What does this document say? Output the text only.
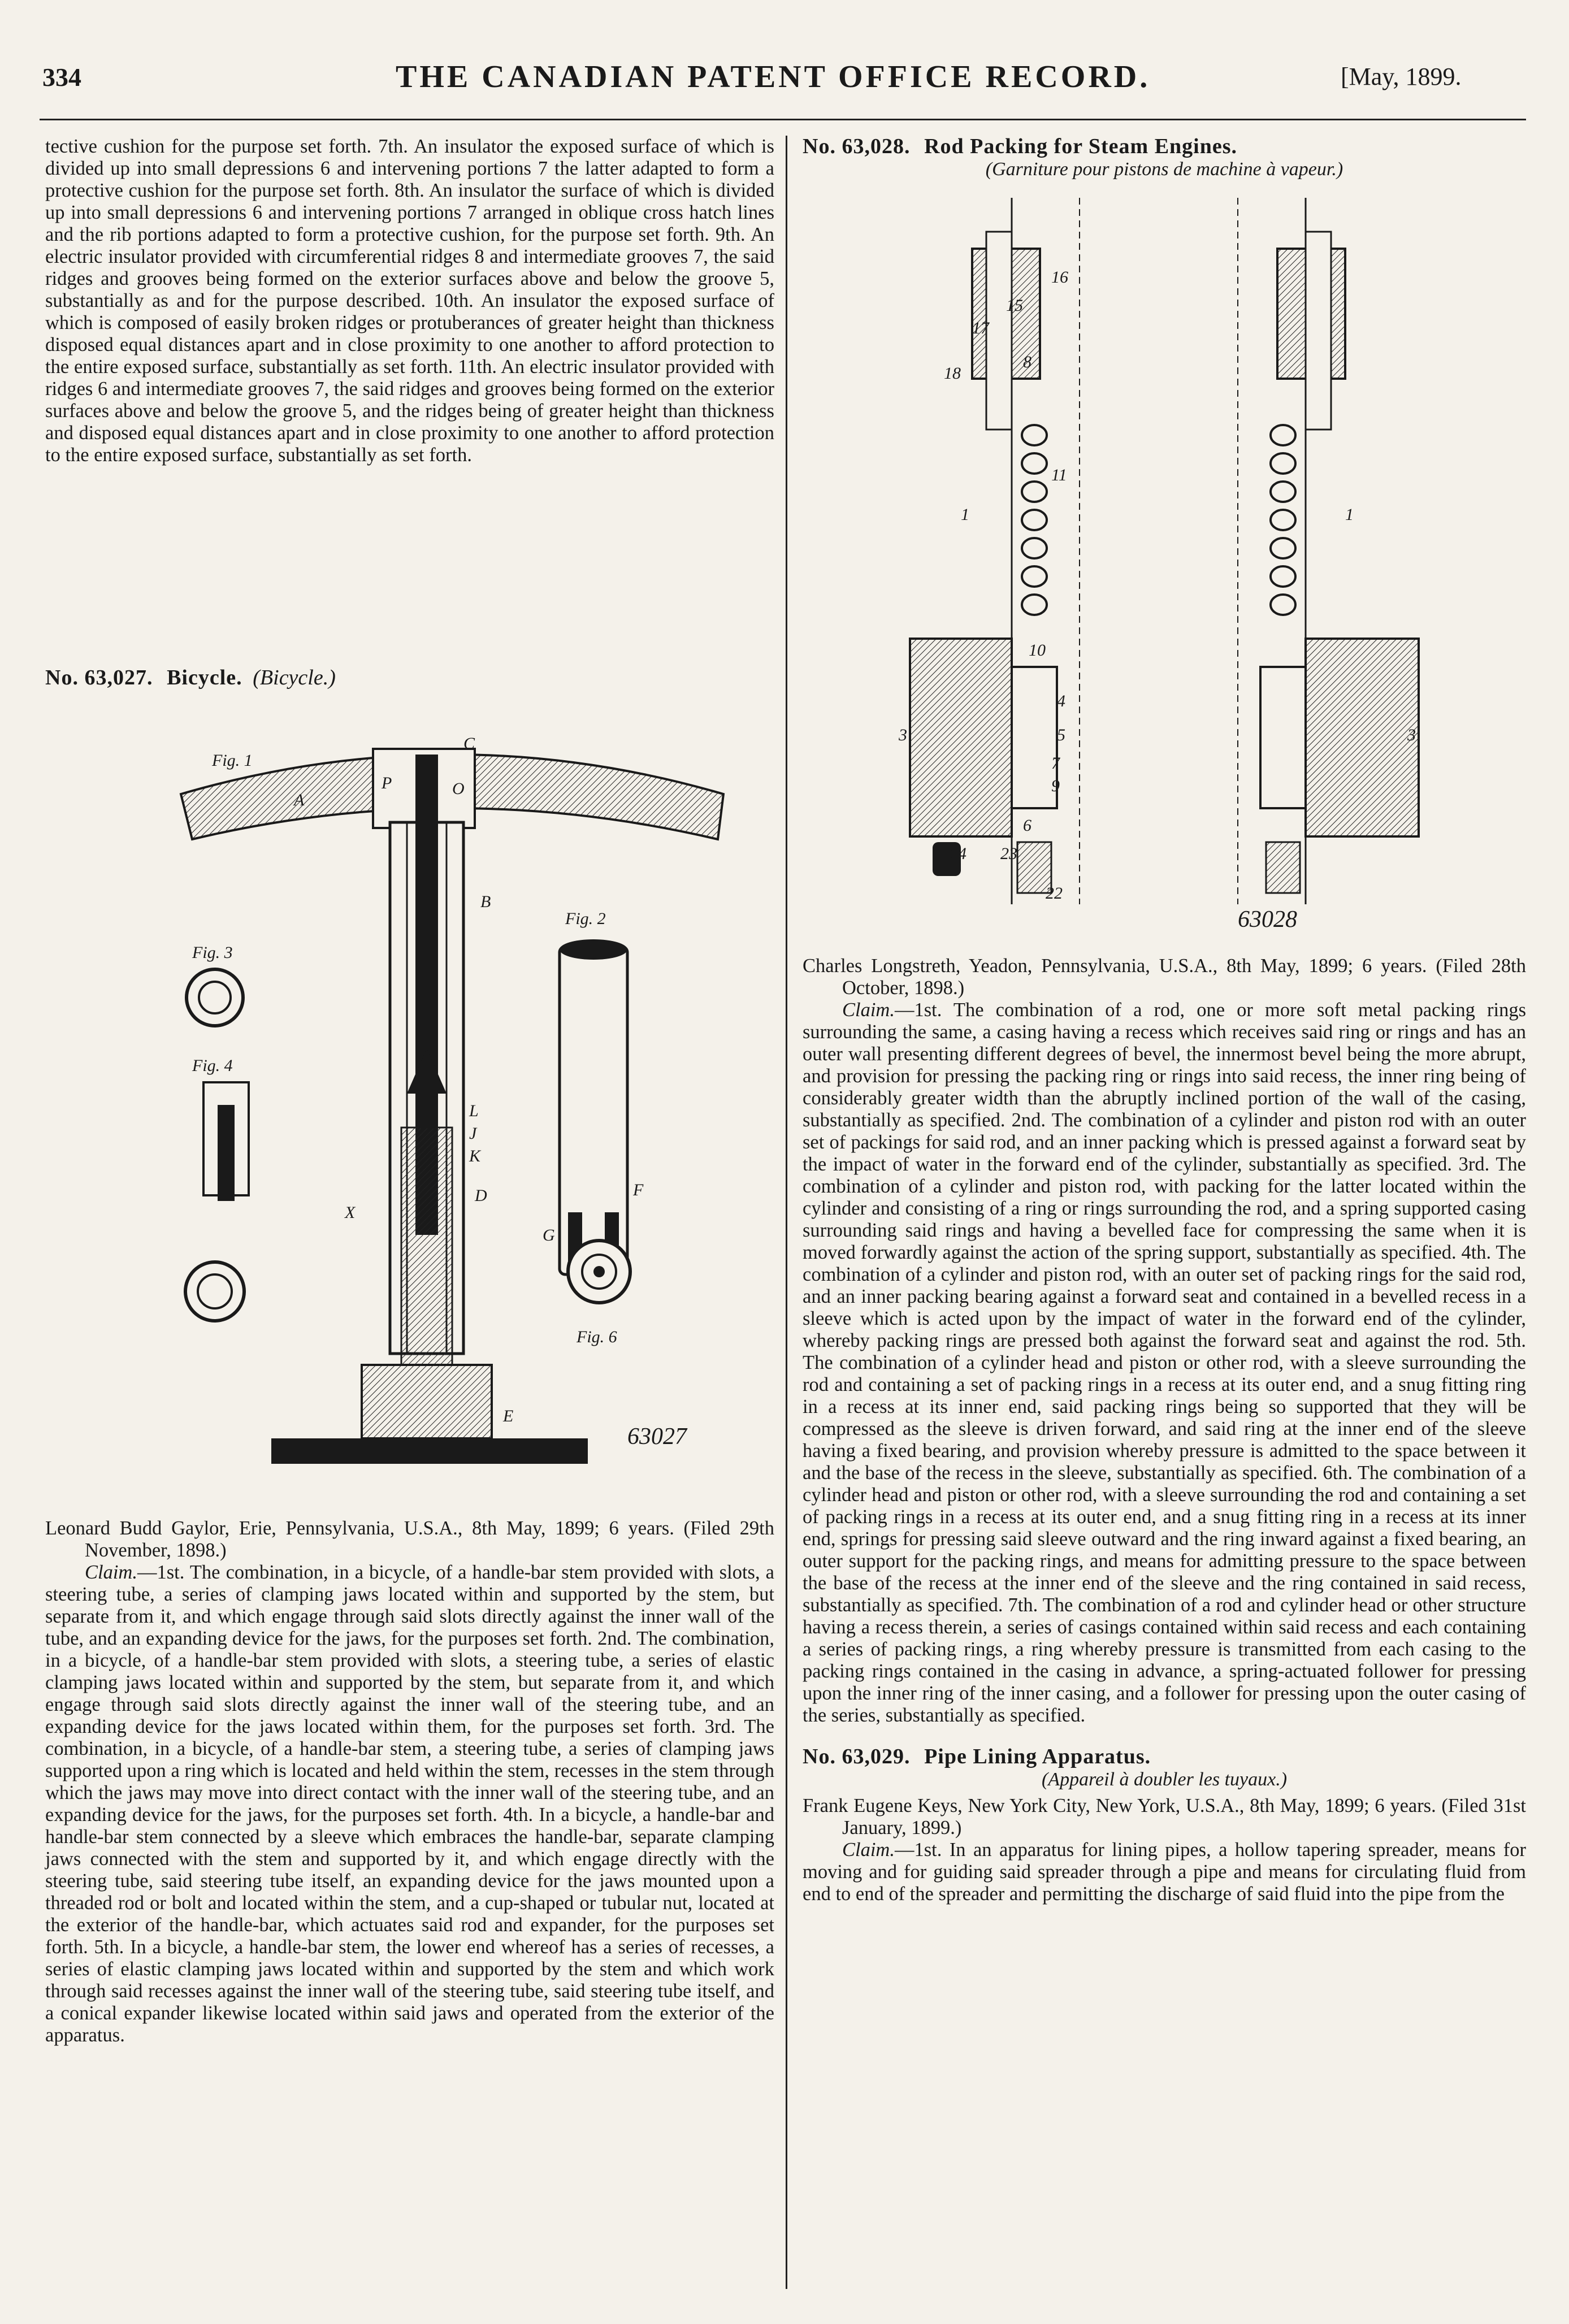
334	THE CANADIAN PATENT OFFICE RECORD.	[May, 1899.

tective cushion for the purpose set forth. 7th. An insulator the exposed surface of which is divided up into small depressions 6 and intervening portions 7 the latter adapted to form a protective cushion for the purpose set forth. 8th. An insulator the surface of which is divided up into small depressions 6 and intervening portions 7 arranged in oblique cross hatch lines and the rib portions adapted to form a protective cushion, for the purpose set forth. 9th. An electric insulator provided with circumferential ridges 8 and intermediate grooves 7, the said ridges and grooves being formed on the exterior surfaces above and below the groove 5, substantially as and for the purpose described. 10th. An insulator the exposed surface of which is composed of easily broken ridges or protuberances of greater height than thickness disposed equal distances apart and in close proximity to one another to afford protection to the entire exposed surface, substantially as set forth. 11th. An electric insulator provided with ridges 6 and intermediate grooves 7, the said ridges and grooves being formed on the exterior surfaces above and below the groove 5, and the ridges being of greater height than thickness and disposed equal distances apart and in close proximity to one another to afford protection to the entire exposed surface, substantially as set forth.

No. 63,027. Bicycle. (Bicycle.)
Fig. 1
Fig. 2
Fig. 3
Fig. 4
Fig. 6
A
B
C
D
E
F
G
J
K
L
O
P
X
63027

Leonard Budd Gaylor, Erie, Pennsylvania, U.S.A., 8th May, 1899; 6 years. (Filed 29th November, 1898.)

Claim.—1st. The combination, in a bicycle, of a handle-bar stem provided with slots, a steering tube, a series of clamping jaws located within and supported by the stem, but separate from it, and which engage through said slots directly against the inner wall of the tube, and an expanding device for the jaws, for the purposes set forth. 2nd. The combination, in a bicycle, of a handle-bar stem provided with slots, a steering tube, a series of elastic clamping jaws located within and supported by the stem, but separate from it, and which engage through said slots directly against the inner wall of the steering tube, and an expanding device for the jaws located within them, for the purposes set forth. 3rd. The combination, in a bicycle, of a handle-bar stem, a steering tube, a series of clamping jaws supported upon a ring which is located and held within the stem, recesses in the stem through which the jaws may move into direct contact with the inner wall of the steering tube, and an expanding device for the jaws, for the purposes set forth. 4th. In a bicycle, a handle-bar and handle-bar stem connected by a sleeve which embraces the handle-bar, separate clamping jaws connected with the stem and supported by it, and which engage directly with the steering tube, said steering tube itself, an expanding device for the jaws mounted upon a threaded rod or bolt and located within the stem, and a cup-shaped or tubular nut, located at the exterior of the handle-bar, which actuates said rod and expander, for the purposes set forth. 5th. In a bicycle, a handle-bar stem, the lower end whereof has a series of recesses, a series of elastic clamping jaws located within and supported by the stem and which work through said recesses against the inner wall of the steering tube, said steering tube itself, and a conical expander likewise located within said jaws and operated from the exterior of the apparatus.

No. 63,028. Rod Packing for Steam Engines.
(Garniture pour pistons de machine à vapeur.)
1	1
3	3
4
5
6
7
8
9
10
11
15
16
17
18
22
23
24
63028

Charles Longstreth, Yeadon, Pennsylvania, U.S.A., 8th May, 1899; 6 years. (Filed 28th October, 1898.)

Claim.—1st. The combination of a rod, one or more soft metal packing rings surrounding the same, a casing having a recess which receives said ring or rings and has an outer wall presenting different degrees of bevel, the innermost bevel being the more abrupt, and provision for pressing the packing ring or rings into said recess, the inner ring being of considerably greater width than the abruptly inclined portion of the wall of the casing, substantially as specified. 2nd. The combination of a cylinder and piston rod with an outer set of packings for said rod, and an inner packing which is pressed against a forward seat by the impact of water in the forward end of the cylinder, substantially as specified. 3rd. The combination of a cylinder and piston rod, with packing for the latter located within the cylinder and consisting of a ring or rings surrounding the rod, and a spring supported casing surrounding said rings and having a bevelled face for compressing the same when it is moved forwardly against the action of the spring support, substantially as specified. 4th. The combination of a cylinder and piston rod, with an outer set of packing rings for the said rod, and an inner packing bearing against a forward seat and contained in a bevelled recess in a sleeve which is acted upon by the impact of water in the forward end of the cylinder, whereby packing rings are pressed both against the forward seat and against the rod. 5th. The combination of a cylinder head and piston or other rod, with a sleeve surrounding the rod and containing a set of packing rings in a recess at its outer end, and a snug fitting ring in a recess at its inner end, said packing rings being so supported that they will be compressed as the sleeve is driven forward, and said ring at the inner end of the sleeve having a fixed bearing, and provision whereby pressure is admitted to the space between it and the base of the recess in the sleeve, substantially as specified. 6th. The combination of a cylinder head and piston or other rod, with a sleeve surrounding the rod and containing a set of packing rings in a recess at its outer end, and a snug fitting ring in a recess at its inner end, springs for pressing said sleeve outward and the ring inward against a fixed bearing, an outer support for the packing rings, and means for admitting pressure to the space between the base of the recess at the inner end of the sleeve and the ring contained in said recess, substantially as specified. 7th. The combination of a rod and cylinder head or other structure having a recess therein, a series of casings contained within said recess and each containing a series of packing rings, a ring whereby pressure is transmitted from each casing to the packing rings contained in the casing in advance, a spring-actuated follower for pressing upon the inner ring of the inner casing, and a follower for pressing upon the outer casing of the series, substantially as specified.

No. 63,029. Pipe Lining Apparatus.
(Appareil à doubler les tuyaux.)

Frank Eugene Keys, New York City, New York, U.S.A., 8th May, 1899; 6 years. (Filed 31st January, 1899.)

Claim.—1st. In an apparatus for lining pipes, a hollow tapering spreader, means for moving and for guiding said spreader through a pipe and means for circulating fluid from end to end of the spreader and permitting the discharge of said fluid into the pipe from the
